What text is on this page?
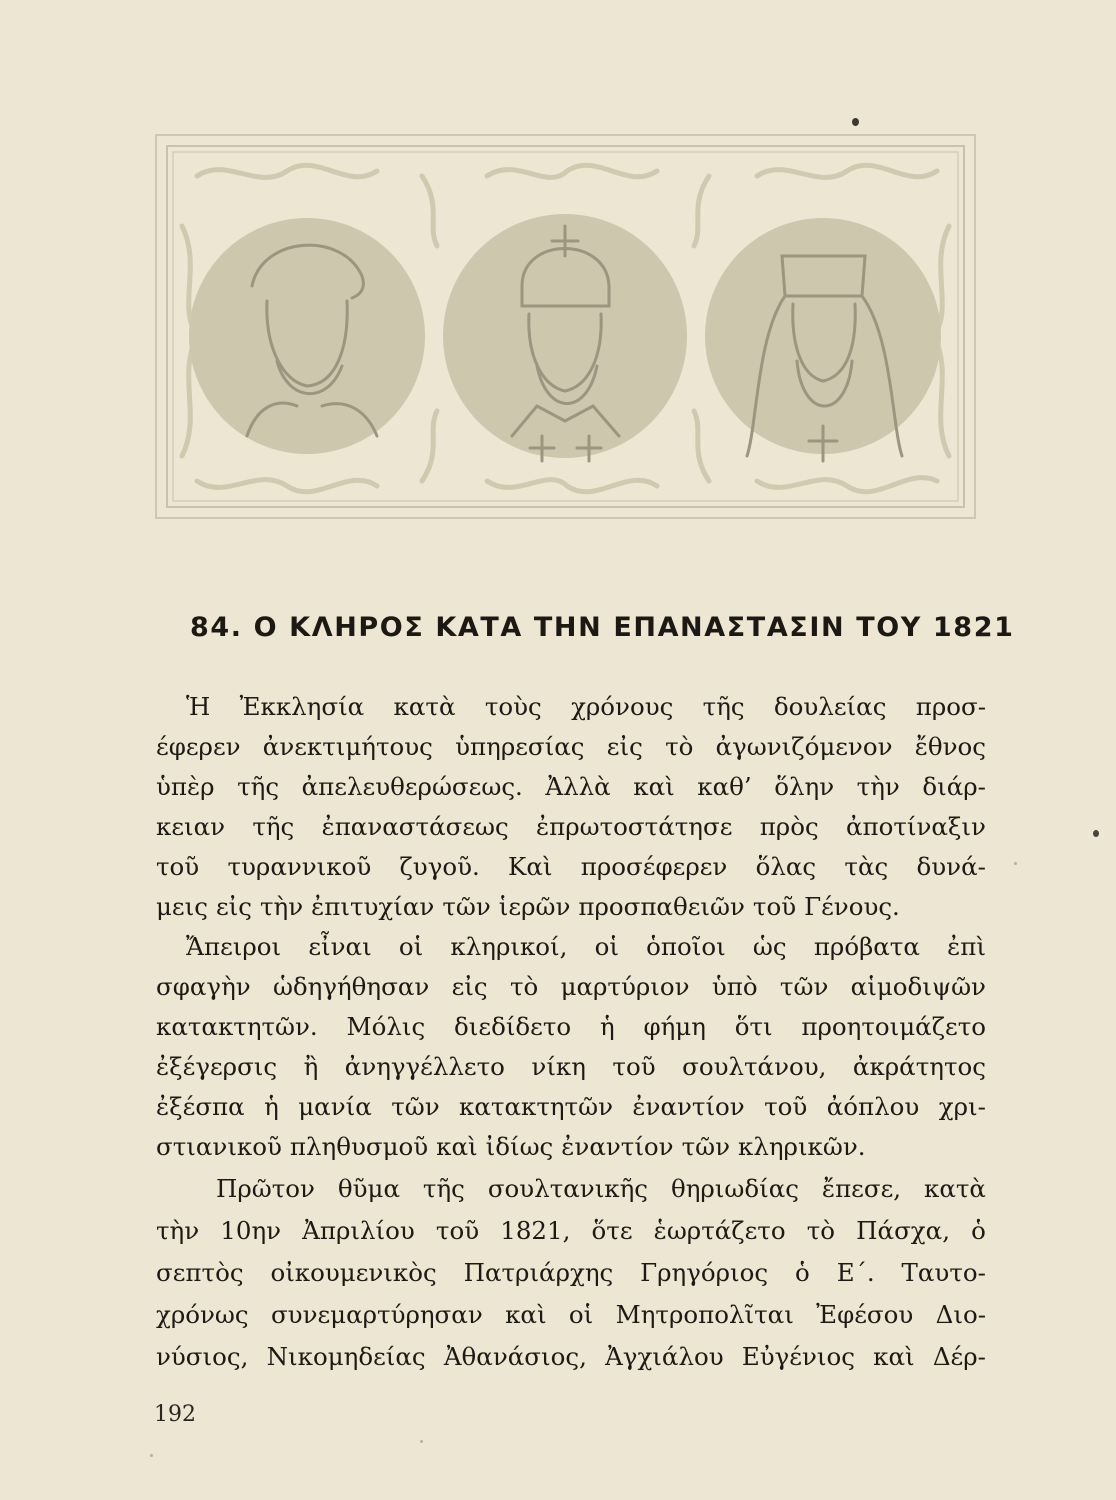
84. Ο ΚΛΗΡΟΣ ΚΑΤΑ ΤΗΝ ΕΠΑΝΑΣΤΑΣΙΝ ΤΟΥ 1821
Ἡ Ἐκκλησία κατὰ τοὺς χρόνους τῆς δουλείας προσ-
έφερεν ἀνεκτιμήτους ὑπηρεσίας εἰς τὸ ἀγωνιζόμενον ἔθνος
ὑπὲρ τῆς ἀπελευθερώσεως. Ἀλλὰ καὶ καθ’ ὅλην τὴν διάρ-
κειαν τῆς ἐπαναστάσεως ἐπρωτοστάτησε πρὸς ἀποτίναξιν
τοῦ τυραννικοῦ ζυγοῦ. Καὶ προσέφερεν ὅλας τὰς δυνά-
μεις εἰς τὴν ἐπιτυχίαν τῶν ἱερῶν προσπαθειῶν τοῦ Γένους.
Ἄπειροι εἶναι οἱ κληρικοί, οἱ ὁποῖοι ὡς πρόβατα ἐπὶ
σφαγὴν ὡδηγήθησαν εἰς τὸ μαρτύριον ὑπὸ τῶν αἱμοδιψῶν
κατακτητῶν. Μόλις διεδίδετο ἡ φήμη ὅτι προητοιμάζετο
ἐξέγερσις ἢ ἀνηγγέλλετο νίκη τοῦ σουλτάνου, ἀκράτητος
ἐξέσπα ἡ μανία τῶν κατακτητῶν ἐναντίον τοῦ ἀόπλου χρι-
στιανικοῦ πληθυσμοῦ καὶ ἰδίως ἐναντίον τῶν κληρικῶν.
Πρῶτον θῦμα τῆς σουλτανικῆς θηριωδίας ἔπεσε, κατὰ
τὴν 10ην Ἀπριλίου τοῦ 1821, ὅτε ἑωρτάζετο τὸ Πάσχα, ὁ
σεπτὸς οἰκουμενικὸς Πατριάρχης Γρηγόριος ὁ Ε΄. Ταυτο-
χρόνως συνεμαρτύρησαν καὶ οἱ Μητροπολῖται Ἐφέσου Διο-
νύσιος, Νικομηδείας Ἀθανάσιος, Ἀγχιάλου Εὐγένιος καὶ Δέρ-
192
